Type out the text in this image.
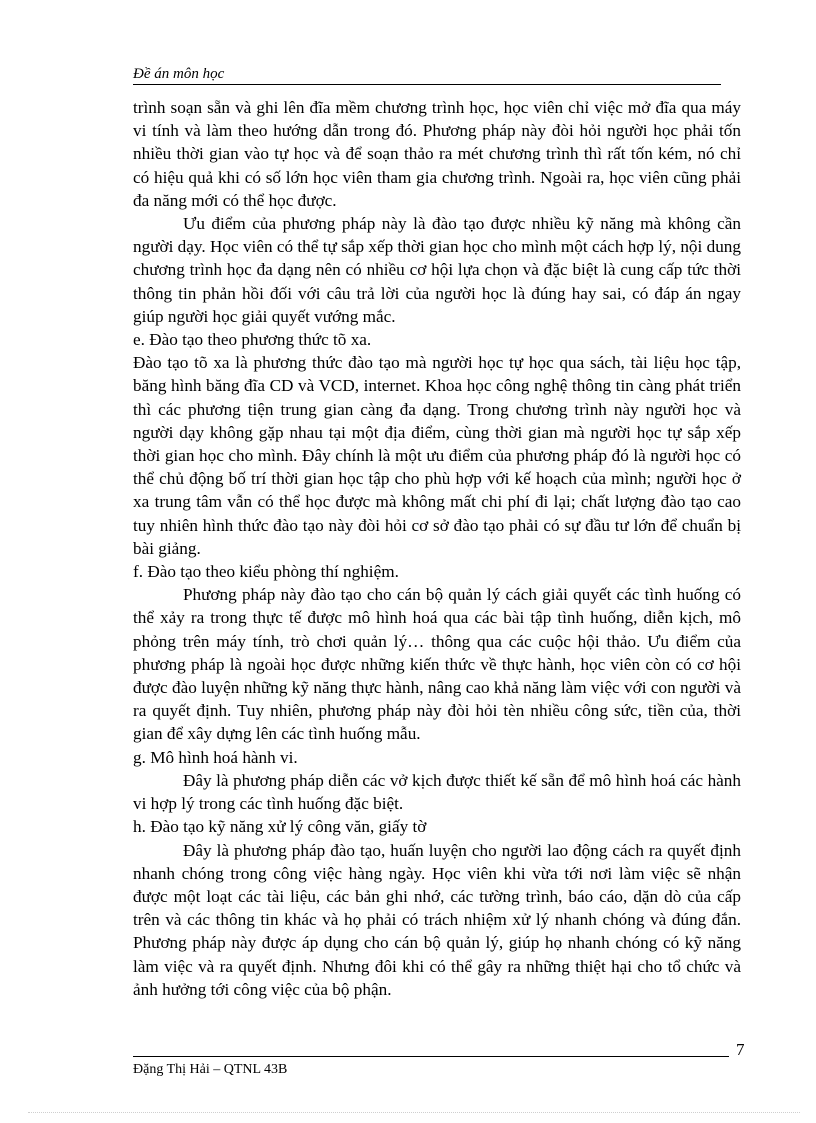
Đề án môn học

trình soạn sẵn và ghi lên đĩa mềm chương trình học, học viên chỉ việc mở đĩa qua máy vi tính và làm theo hướng dẫn trong đó. Phương pháp này đòi hỏi người học phải tốn nhiều thời gian vào tự học và để soạn thảo ra mét chương trình thì rất tốn kém, nó chỉ có hiệu quả khi có số lớn học viên tham gia chương trình. Ngoài ra, học viên cũng phải đa năng mới có thể học được.

Ưu điểm của phương pháp này là đào tạo được nhiều kỹ năng mà không cần người dạy. Học viên có thể tự sắp xếp thời gian học cho mình một cách hợp lý, nội dung chương trình học đa dạng nên có nhiều cơ hội lựa chọn và đặc biệt là cung cấp tức thời thông tin phản hồi đối với câu trả lời của người học là đúng hay sai, có đáp án ngay giúp người học giải quyết vướng mắc.

e. Đào tạo theo phương thức tõ xa.

Đào tạo tõ xa là phương thức đào tạo mà người học tự học qua sách, tài liệu học tập, băng hình băng đĩa CD và VCD, internet. Khoa học công nghệ thông tin càng phát triển thì các phương tiện trung gian càng đa dạng. Trong chương trình này người học và người dạy không gặp nhau tại một địa điểm, cùng thời gian mà người học tự sắp xếp thời gian học cho mình. Đây chính là một ưu điểm của phương pháp đó là người học có thể chủ động bố trí thời gian học tập cho phù hợp với kế hoạch của mình; người học ở xa trung tâm vẫn có thể học được mà không mất chi phí đi lại; chất lượng đào tạo cao tuy nhiên hình thức đào tạo này đòi hỏi cơ sở đào tạo phải có sự đầu tư lớn để chuẩn bị bài giảng.

f. Đào tạo theo kiểu phòng thí nghiệm.

Phương pháp này đào tạo cho cán bộ quản lý cách giải quyết các tình huống có thể xảy ra trong thực tế được mô hình hoá qua các bài tập tình huống, diễn kịch, mô phỏng trên máy tính, trò chơi quản lý… thông qua các cuộc hội thảo. Ưu điểm của phương pháp là ngoài học được những kiến thức về thực hành, học viên còn có cơ hội được đào luyện những kỹ năng thực hành, nâng cao khả năng làm việc với con người và ra quyết định. Tuy nhiên, phương pháp này đòi hỏi tèn nhiều công sức, tiền của, thời gian để xây dựng lên các tình huống mẫu.

g. Mô hình hoá hành vi.

Đây là phương pháp diễn các vở kịch được thiết kế sẵn để mô hình hoá các hành vi hợp lý trong các tình huống đặc biệt.

h. Đào tạo kỹ năng xử lý công văn, giấy tờ

Đây là phương pháp đào tạo, huấn luyện cho người lao động cách ra quyết định nhanh chóng trong công việc hàng ngày. Học viên khi vừa tới nơi làm việc sẽ nhận được một loạt các tài liệu, các bản ghi nhớ, các tường trình, báo cáo, dặn dò của cấp trên và các thông tin khác và họ phải có trách nhiệm xử lý nhanh chóng và đúng đắn. Phương pháp này được áp dụng cho cán bộ quản lý, giúp họ nhanh chóng có kỹ năng làm việc và ra quyết định. Nhưng đôi khi có thể gây ra những thiệt hại cho tổ chức và ảnh hưởng tới công việc của bộ phận.

7
Đặng Thị Hải – QTNL 43B
